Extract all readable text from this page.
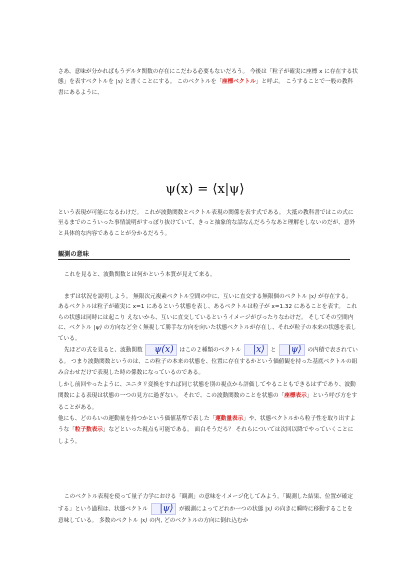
さあ、意味が分かればもうデルタ関数の存在にこだわる必要もないだろう。 今後は「粒子が確実に座標 x に存在する状態」を表すベクトルを |x⟩ と書くことにする。 このベクトルを「座標ベクトル」と呼ぶ。 こうすることで一般の教科書にあるように、

ψ(x) = ⟨x|ψ⟩

という表現が可能になるわけだ。 これが波動関数とベクトル表現の関係を表す式である。 大抵の教科書ではこの式に至るまでのこういった事情説明がすっぽり抜けていて、きっと抽象的な話なんだろうなあと理解をしないのだが、意外と具体的な内容であることが分かるだろう。

観測の意味

これを見ると、波動関数とは何かという本質が見えて来る。

まずは状況を説明しよう。 無限次元複素ベクトル空間の中に、互いに直交する無限個のベクトル |x⟩ が存在する。 あるベクトルは粒子が確実に x=1 にあるという状態を表し、あるベクトルは粒子が x=1.32 にあることを表す。 これらの状態は同時には起こり えないから、互いに直交しているというイメージがぴったりなわけだ。 そしてその空間内に、ベクトル |ψ⟩ の方向など全く無視して勝手な方向を向いた状態ベクトルが存在し、それが粒子の本来の状態を表している。

先ほどの式を見ると、波動関数 ψ(x) はこの２種類のベクトル |x⟩ と |ψ⟩ の内積で表されている。 つまり波動関数というのは、この粒子の本来の状態を、位置に存在するかという価値観を持った基底ベクトルの組み合わせだけで表現した時の係数になっているのである。
しかし前回やったように、ユニタリ変換をすれば同じ状態を別の視点から評価してやることもできるはずであり、波動関数による表現は状態の一つの見方に過ぎない。 それで、この波動関数のことを状態の「座標表示」という呼び方をすることがある。
他にも、どのらいの運動量を持つかという価値基準で表した「運動量表示」や、状態ベクトルから粒子性を取り出すような「粒子数表示」などといった視点も可能である。 面白そうだろ？ それらについては次回以降でやっていくことにしよう。

このベクトル表現を使って量子力学における「観測」の意味をイメージ化してみよう。「観測した結果、位置が確定する」という過程は、状態ベクトル |ψ⟩ が観測によってどれか一つの状態 |x⟩ の向きに瞬時に移動することを意味している。 多数のベクトル |x⟩ の内, どのベクトルの方向に倒れ込むか
